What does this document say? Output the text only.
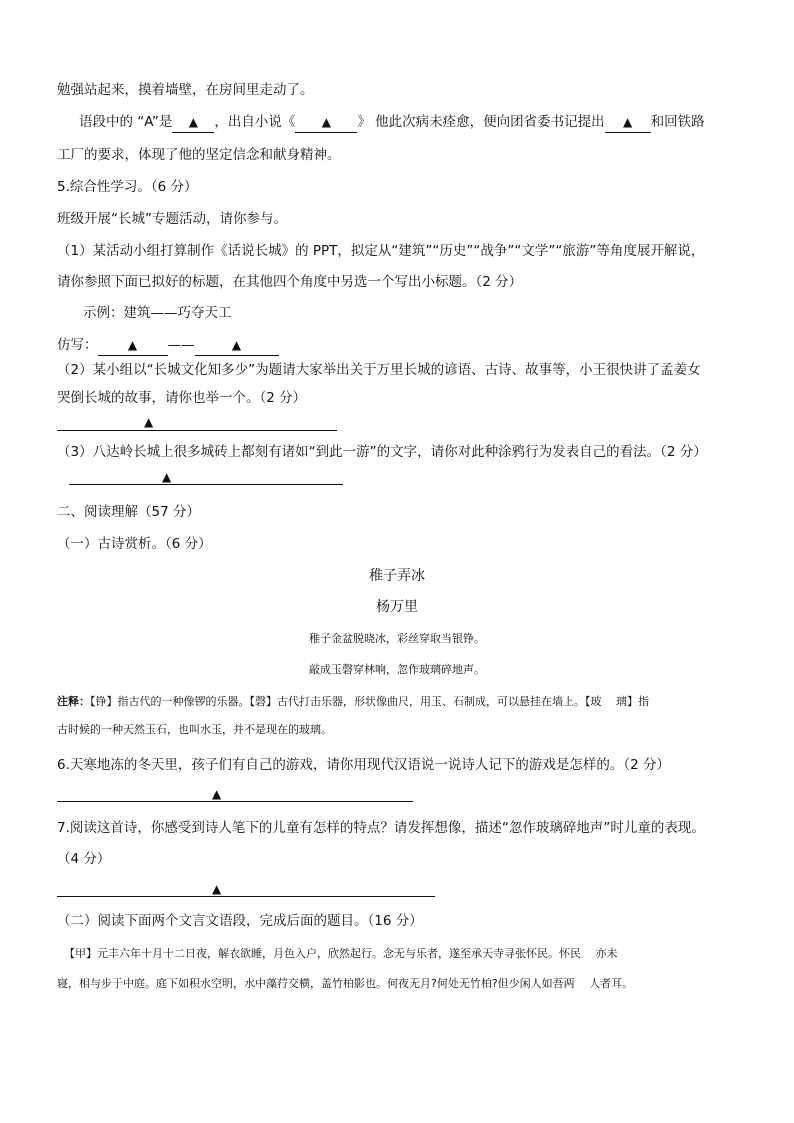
勉强站起来，摸着墙壁，在房间里走动了。
语段中的 “A”是 ▲ ，出自小说《 ▲ 》 他此次病未痊愈，便向团省委书记提出 ▲ 和回铁路
工厂的要求，体现了他的坚定信念和献身精神。
5.综合性学习。（6 分）
班级开展“长城”专题活动，请你参与。
（1）某活动小组打算制作《话说长城》的 PPT，拟定从“建筑”“历史”“战争”“文学”“旅游”等角度展开解说，
请你参照下面已拟好的标题，在其他四个角度中另选一个写出小标题。（2 分）
示例：建筑——巧夺天工
仿写：	▲ ——	▲
（2）某小组以“长城文化知多少”为题请大家举出关于万里长城的谚语、古诗、故事等，小王很快讲了孟姜女
哭倒长城的故事，请你也举一个。（2 分）
▲
（3）八达岭长城上很多城砖上都刻有诸如“到此一游”的文字，请你对此种涂鸦行为发表自己的看法。（2 分）
▲
二、阅读理解（57 分）
（一）古诗赏析。（6 分）
稚子弄冰
杨万里
稚子金盆脱晓冰，彩丝穿取当银铮。
敲成玉磬穿林响，忽作玻璃碎地声。
注释：【铮】指古代的一种像锣的乐器。【磬】古代打击乐器，形状像曲尺，用玉、石制成，可以悬挂在墙上。【玻　 璃】指
古时候的一种天然玉石，也叫水玉，并不是现在的玻璃。
6.天寒地冻的冬天里，孩子们有自己的游戏，请你用现代汉语说一说诗人记下的游戏是怎样的。（2 分）
▲
7.阅读这首诗，你感受到诗人笔下的儿童有怎样的特点？请发挥想像，描述“忽作玻璃碎地声”时儿童的表现。
（4 分）
▲
（二）阅读下面两个文言文语段，完成后面的题目。（16 分）
【甲】元丰六年十月十二日夜，解衣欲睡，月色入户，欣然起行。念无与乐者，遂至承天寺寻张怀民。怀民　 亦未
寝，相与步于中庭。庭下如积水空明，水中藻荇交横，盖竹柏影也。何夜无月?何处无竹柏?但少闲人如吾两　 人者耳。
